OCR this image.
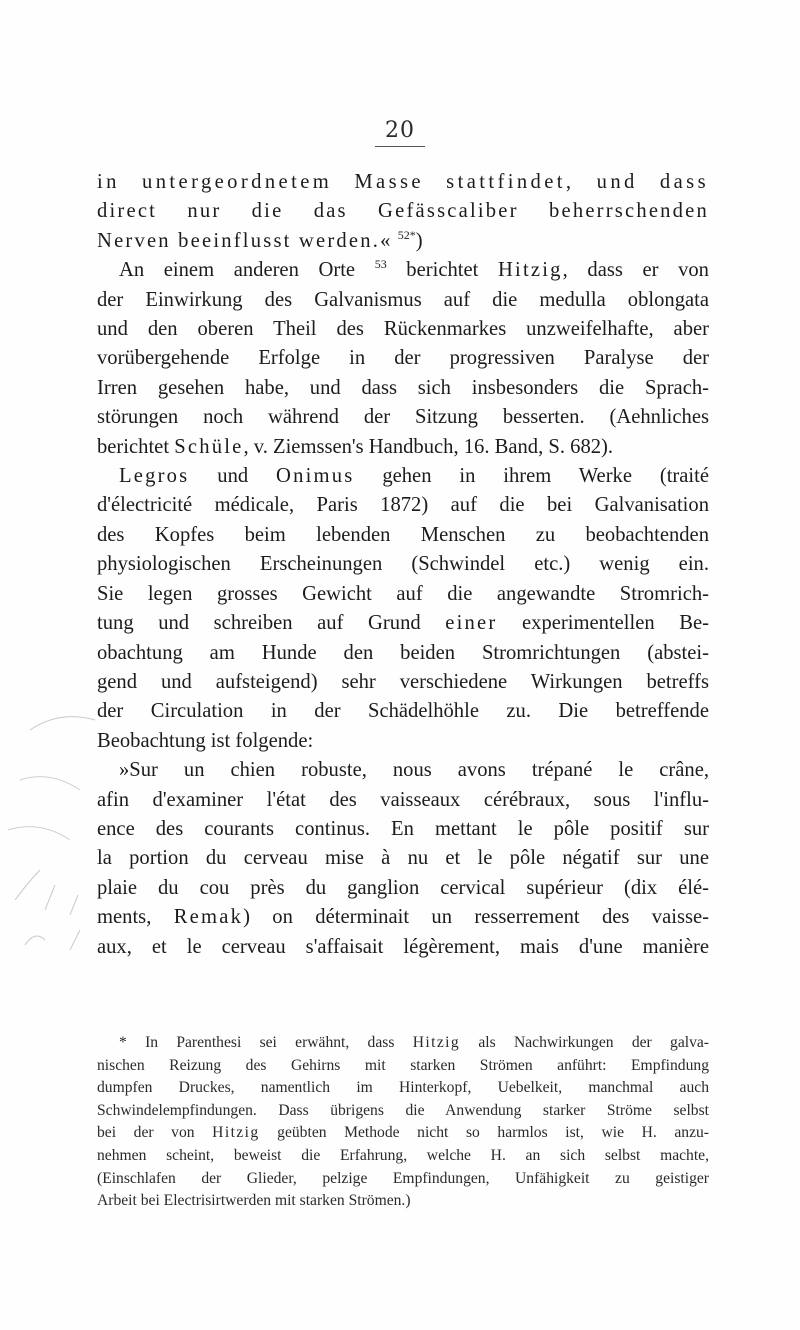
20
in untergeordnetem Masse stattfindet, und dass
direct nur die das Gefässcaliber beherrschenden
Nerven beeinflusst werden.« $^{52*}$)
An einem anderen Orte $^{53}$ berichtet Hitzig, dass er von
der Einwirkung des Galvanismus auf die medulla oblongata
und den oberen Theil des Rückenmarkes unzweifelhafte, aber
vorübergehende Erfolge in der progressiven Paralyse der
Irren gesehen habe, und dass sich insbesonders die Sprach-
störungen noch während der Sitzung besserten. (Aehnliches
berichtet Schüle, v. Ziemssen's Handbuch, 16. Band, S. 682).
Legros und Onimus gehen in ihrem Werke (traité
d'électricité médicale, Paris 1872) auf die bei Galvanisation
des Kopfes beim lebenden Menschen zu beobachtenden
physiologischen Erscheinungen (Schwindel etc.) wenig ein.
Sie legen grosses Gewicht auf die angewandte Stromrich-
tung und schreiben auf Grund einer experimentellen Be-
obachtung am Hunde den beiden Stromrichtungen (abstei-
gend und aufsteigend) sehr verschiedene Wirkungen betreffs
der Circulation in der Schädelhöhle zu. Die betreffende
Beobachtung ist folgende:
»Sur un chien robuste, nous avons trépané le crâne,
afin d'examiner l'état des vaisseaux cérébraux, sous l'influ-
ence des courants continus. En mettant le pôle positif sur
la portion du cerveau mise à nu et le pôle négatif sur une
plaie du cou près du ganglion cervical supérieur (dix élé-
ments, Remak) on déterminait un resserrement des vaisse-
aux, et le cerveau s'affaisait légèrement, mais d'une manière
* In Parenthesi sei erwähnt, dass Hitzig als Nachwirkungen der galva-
nischen Reizung des Gehirns mit starken Strömen anführt: Empfindung
dumpfen Druckes, namentlich im Hinterkopf, Uebelkeit, manchmal auch
Schwindelempfindungen. Dass übrigens die Anwendung starker Ströme selbst
bei der von Hitzig geübten Methode nicht so harmlos ist, wie H. anzu-
nehmen scheint, beweist die Erfahrung, welche H. an sich selbst machte,
(Einschlafen der Glieder, pelzige Empfindungen, Unfähigkeit zu geistiger
Arbeit bei Electrisirtwerden mit starken Strömen.)
